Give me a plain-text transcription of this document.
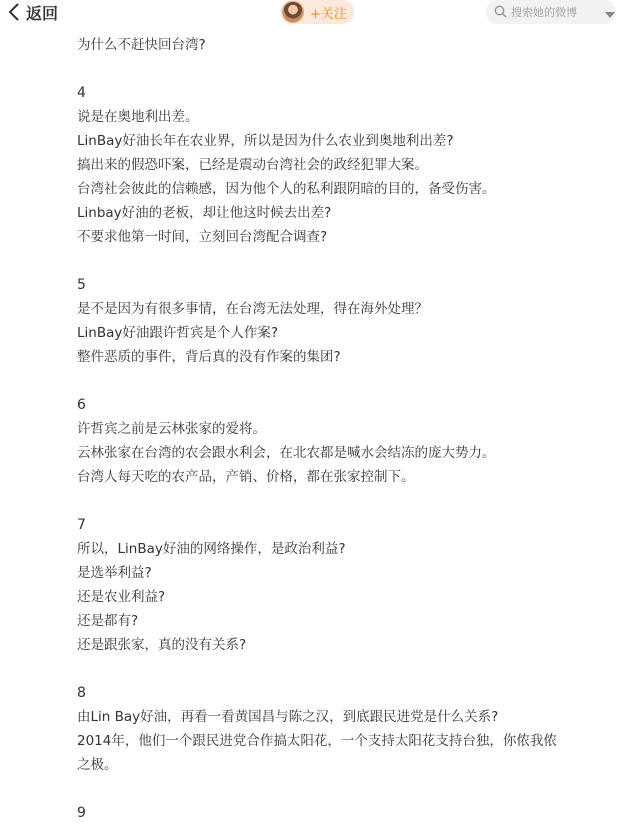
返回	+关注
搜索她的微博
为什么不赶快回台湾?
4
说是在奥地利出差。
LinBay好油长年在农业界，所以是因为什么农业到奥地利出差?
搞出来的假恐吓案，已经是震动台湾社会的政经犯罪大案。
台湾社会彼此的信赖感，因为他个人的私利跟阴暗的目的，备受伤害。
Linbay好油的老板，却让他这时候去出差?
不要求他第一时间，立刻回台湾配合调查?
5
是不是因为有很多事情，在台湾无法处理，得在海外处理？
LinBay好油跟许哲宾是个人作案?
整件恶质的事件，背后真的没有作案的集团?
6
许哲宾之前是云林张家的爱将。
云林张家在台湾的农会跟水利会，在北农都是喊水会结冻的庞大势力。
台湾人每天吃的农产品，产销、价格，都在张家控制下。
7
所以，LinBay好油的网络操作，是政治利益?
是选举利益?
还是农业利益?
还是都有?
还是跟张家，真的没有关系?
8
由Lin Bay好油，再看一看黄国昌与陈之汉，到底跟民进党是什么关系?
2014年，他们一个跟民进党合作搞太阳花，一个支持太阳花支持台独，你侬我侬
之极。
9
